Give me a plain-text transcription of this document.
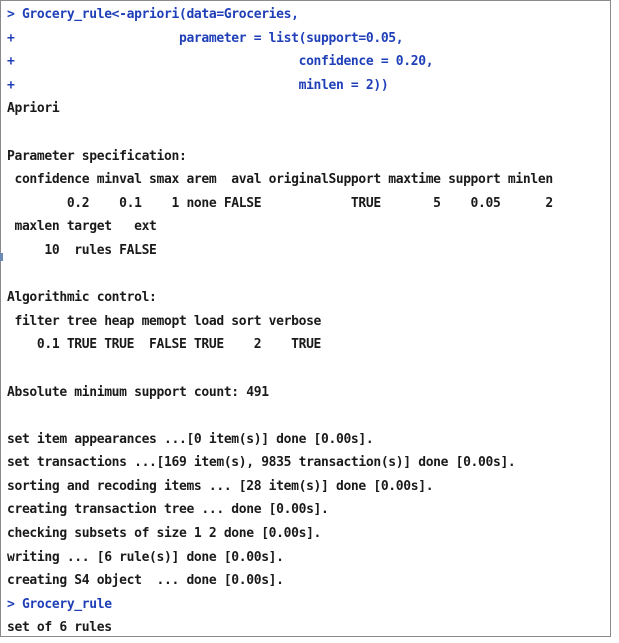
> Grocery_rule<-apriori(data=Groceries,
+                      parameter = list(support=0.05,
+                                      confidence = 0.20,
+                                      minlen = 2))
Apriori

Parameter specification:
confidence minval smax arem  aval originalSupport maxtime support minlen
0.2    0.1    1 none FALSE            TRUE       5    0.05      2
maxlen target   ext
10  rules FALSE

Algorithmic control:
filter tree heap memopt load sort verbose
0.1 TRUE TRUE  FALSE TRUE    2    TRUE

Absolute minimum support count: 491

set item appearances ...[0 item(s)] done [0.00s].
set transactions ...[169 item(s), 9835 transaction(s)] done [0.00s].
sorting and recoding items ... [28 item(s)] done [0.00s].
creating transaction tree ... done [0.00s].
checking subsets of size 1 2 done [0.00s].
writing ... [6 rule(s)] done [0.00s].
creating S4 object  ... done [0.00s].
> Grocery_rule
set of 6 rules
